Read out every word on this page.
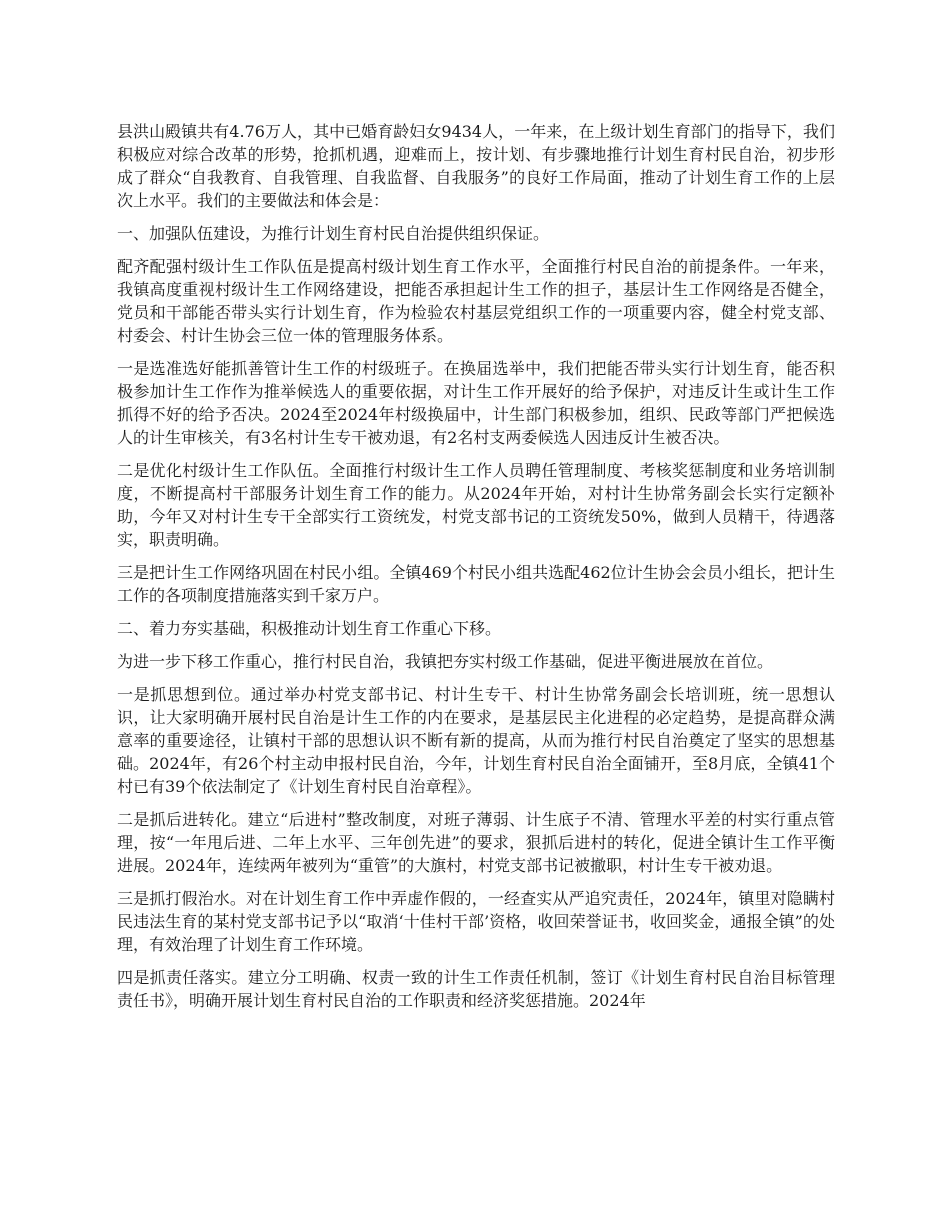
县洪山殿镇共有4.76万人，其中已婚育龄妇女9434人，一年来，在上级计划生育部门的指导下，我们积极应对综合改革的形势，抢抓机遇，迎难而上，按计划、有步骤地推行计划生育村民自治，初步形成了群众“自我教育、自我管理、自我监督、自我服务”的良好工作局面，推动了计划生育工作的上层次上水平。我们的主要做法和体会是：

一、加强队伍建设，为推行计划生育村民自治提供组织保证。

配齐配强村级计生工作队伍是提高村级计划生育工作水平，全面推行村民自治的前提条件。一年来，我镇高度重视村级计生工作网络建设，把能否承担起计生工作的担子，基层计生工作网络是否健全，党员和干部能否带头实行计划生育，作为检验农村基层党组织工作的一项重要内容，健全村党支部、村委会、村计生协会三位一体的管理服务体系。

一是选准选好能抓善管计生工作的村级班子。在换届选举中，我们把能否带头实行计划生育，能否积极参加计生工作作为推举候选人的重要依据，对计生工作开展好的给予保护，对违反计生或计生工作抓得不好的给予否决。2024至2024年村级换届中，计生部门积极参加，组织、民政等部门严把候选人的计生审核关，有3名村计生专干被劝退，有2名村支两委候选人因违反计生被否决。

二是优化村级计生工作队伍。全面推行村级计生工作人员聘任管理制度、考核奖惩制度和业务培训制度，不断提高村干部服务计划生育工作的能力。从2024年开始，对村计生协常务副会长实行定额补助，今年又对村计生专干全部实行工资统发，村党支部书记的工资统发50%，做到人员精干，待遇落实，职责明确。

三是把计生工作网络巩固在村民小组。全镇469个村民小组共选配462位计生协会会员小组长，把计生工作的各项制度措施落实到千家万户。

二、着力夯实基础，积极推动计划生育工作重心下移。

为进一步下移工作重心，推行村民自治，我镇把夯实村级工作基础，促进平衡进展放在首位。

一是抓思想到位。通过举办村党支部书记、村计生专干、村计生协常务副会长培训班，统一思想认识，让大家明确开展村民自治是计生工作的内在要求，是基层民主化进程的必定趋势，是提高群众满意率的重要途径，让镇村干部的思想认识不断有新的提高，从而为推行村民自治奠定了坚实的思想基础。2024年，有26个村主动申报村民自治，今年，计划生育村民自治全面铺开，至8月底，全镇41个村已有39个依法制定了《计划生育村民自治章程》。

二是抓后进转化。建立“后进村”整改制度，对班子薄弱、计生底子不清、管理水平差的村实行重点管理，按“一年甩后进、二年上水平、三年创先进”的要求，狠抓后进村的转化，促进全镇计生工作平衡进展。2024年，连续两年被列为“重管”的大旗村，村党支部书记被撤职，村计生专干被劝退。

三是抓打假治水。对在计划生育工作中弄虚作假的，一经查实从严追究责任，2024年，镇里对隐瞒村民违法生育的某村党支部书记予以“取消‘十佳村干部’资格，收回荣誉证书，收回奖金，通报全镇”的处理，有效治理了计划生育工作环境。

四是抓责任落实。建立分工明确、权责一致的计生工作责任机制，签订《计划生育村民自治目标管理责任书》，明确开展计划生育村民自治的工作职责和经济奖惩措施。2024年
